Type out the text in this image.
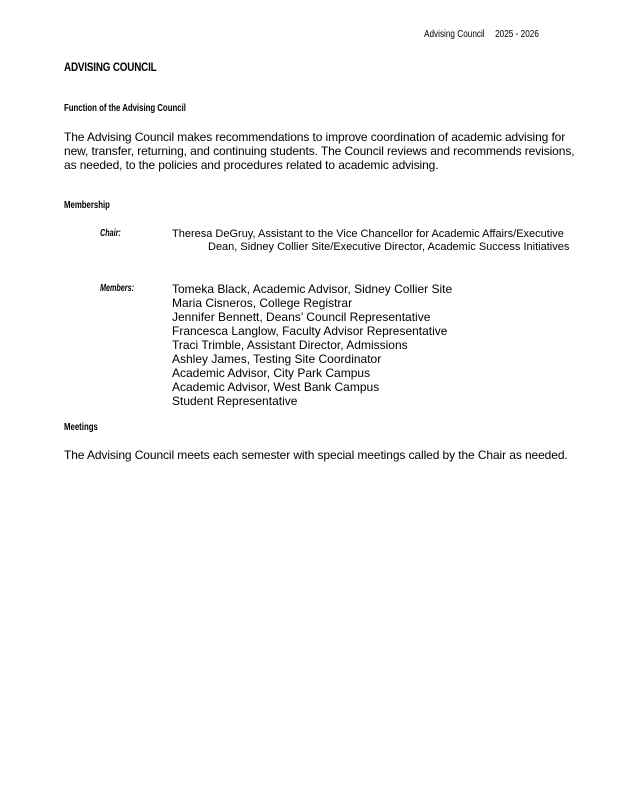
Advising Council 2025 - 2026
ADVISING COUNCIL
Function of the Advising Council

The Advising Council makes recommendations to improve coordination of academic advising for new, transfer, returning, and continuing students. The Council reviews and recommends revisions, as needed, to the policies and procedures related to academic advising.

Membership
Chair:	Theresa DeGruy, Assistant to the Vice Chancellor for Academic Affairs/Executive
Dean, Sidney Collier Site/Executive Director, Academic Success Initiatives
Members:	Tomeka Black, Academic Advisor, Sidney Collier Site
Maria Cisneros, College Registrar
Jennifer Bennett, Deans’ Council Representative
Francesca Langlow, Faculty Advisor Representative
Traci Trimble, Assistant Director, Admissions
Ashley James, Testing Site Coordinator
Academic Advisor, City Park Campus
Academic Advisor, West Bank Campus
Student Representative
Meetings

The Advising Council meets each semester with special meetings called by the Chair as needed.
